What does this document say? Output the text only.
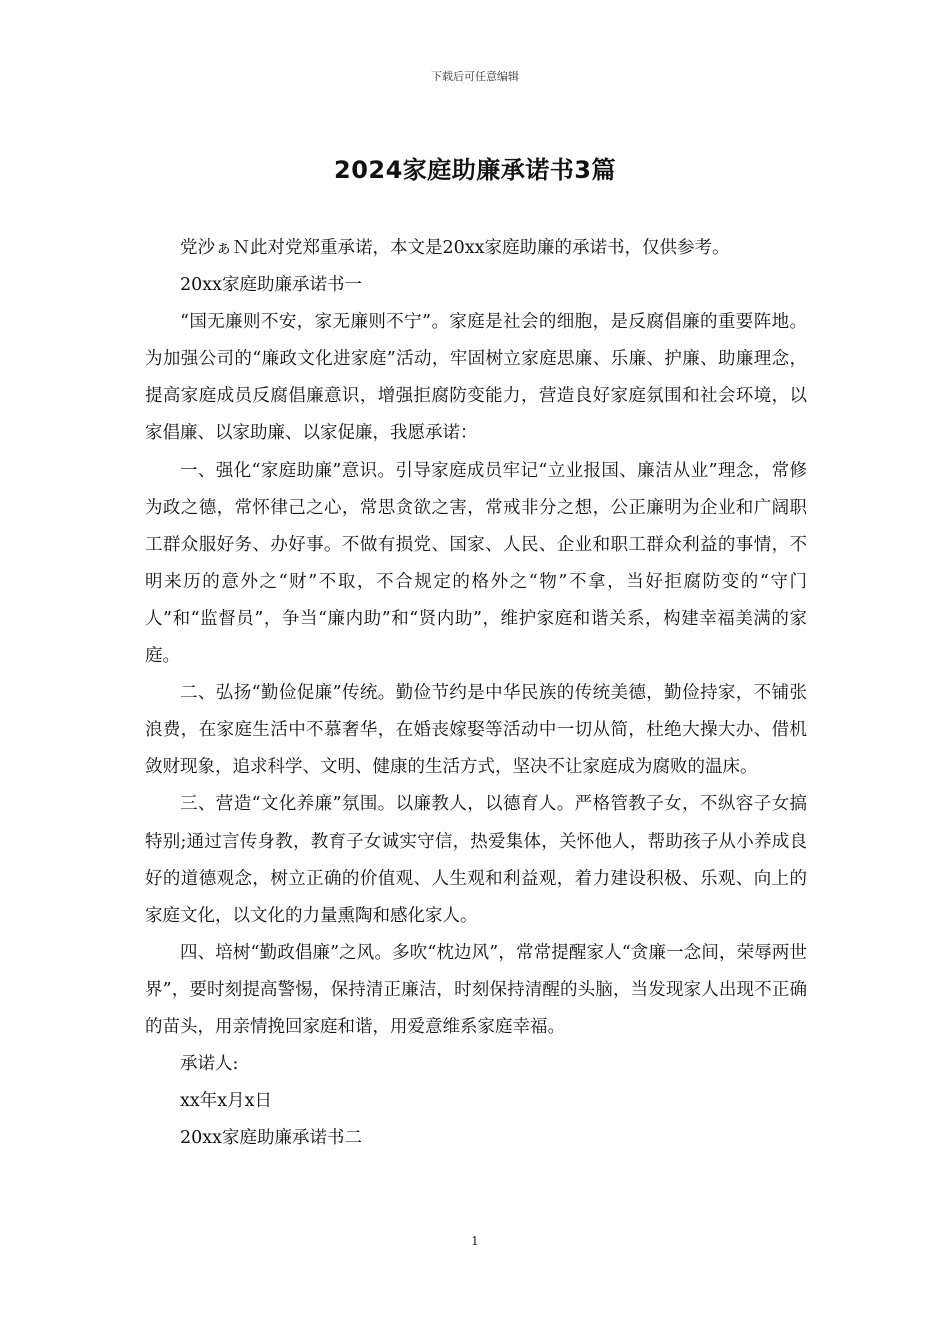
下载后可任意编辑
2024家庭助廉承诺书3篇

党沙ぁＮ此对党郑重承诺，本文是20xx家庭助廉的承诺书，仅供参考。

20xx家庭助廉承诺书一

“国无廉则不安，家无廉则不宁”。家庭是社会的细胞，是反腐倡廉的重要阵地。为加强公司的“廉政文化进家庭”活动，牢固树立家庭思廉、乐廉、护廉、助廉理念，提高家庭成员反腐倡廉意识，增强拒腐防变能力，营造良好家庭氛围和社会环境，以家倡廉、以家助廉、以家促廉，我愿承诺：

一、强化“家庭助廉”意识。引导家庭成员牢记“立业报国、廉洁从业”理念，常修为政之德，常怀律己之心，常思贪欲之害，常戒非分之想，公正廉明为企业和广阔职工群众服好务、办好事。不做有损党、国家、人民、企业和职工群众利益的事情，不明来历的意外之“财”不取，不合规定的格外之“物”不拿，当好拒腐防变的“守门人”和“监督员”，争当“廉内助”和“贤内助”，维护家庭和谐关系，构建幸福美满的家庭。

二、弘扬“勤俭促廉”传统。勤俭节约是中华民族的传统美德，勤俭持家，不铺张浪费，在家庭生活中不慕奢华，在婚丧嫁娶等活动中一切从简，杜绝大操大办、借机敛财现象，追求科学、文明、健康的生活方式，坚决不让家庭成为腐败的温床。

三、营造“文化养廉”氛围。以廉教人，以德育人。严格管教子女，不纵容子女搞特别;通过言传身教，教育子女诚实守信，热爱集体，关怀他人，帮助孩子从小养成良好的道德观念，树立正确的价值观、人生观和利益观，着力建设积极、乐观、向上的家庭文化，以文化的力量熏陶和感化家人。

四、培树“勤政倡廉”之风。多吹“枕边风”，常常提醒家人“贪廉一念间，荣辱两世界”，要时刻提高警惕，保持清正廉洁，时刻保持清醒的头脑，当发现家人出现不正确的苗头，用亲情挽回家庭和谐，用爱意维系家庭幸福。

承诺人:

xx年x月x日

20xx家庭助廉承诺书二

1
